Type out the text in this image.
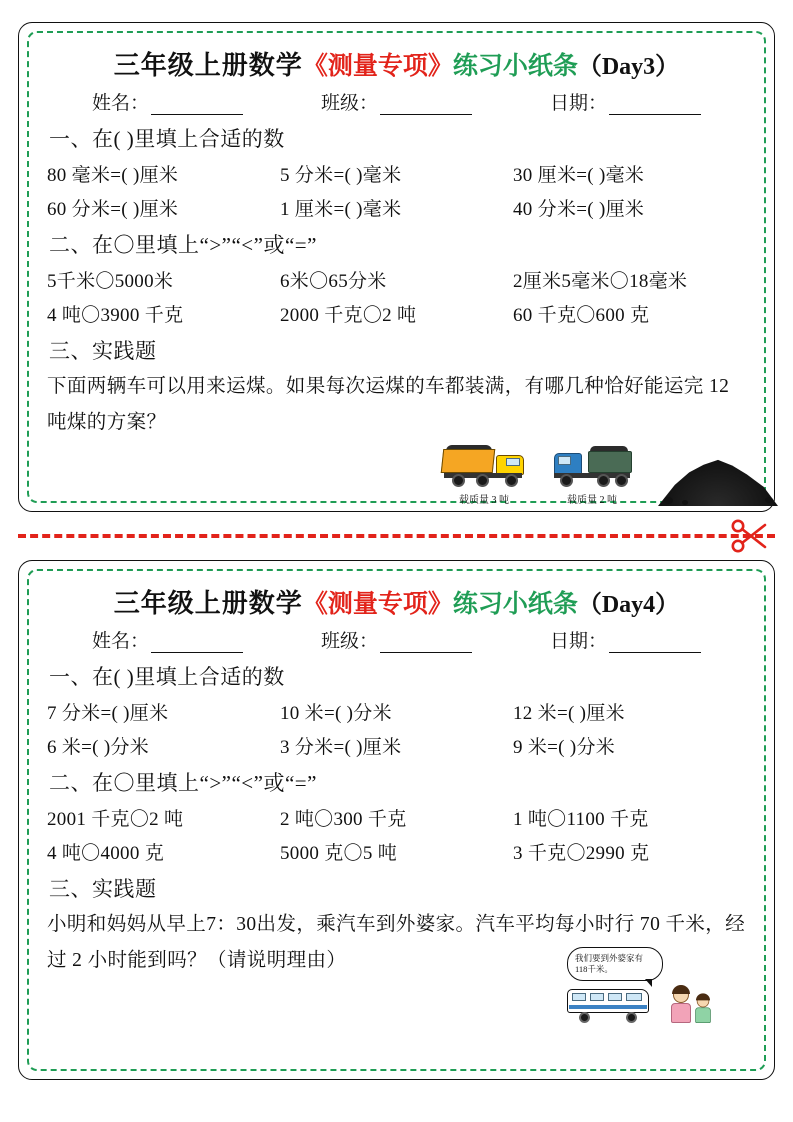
三年级上册数学 《测量专项》 练习小纸条 （Day3）
姓名：	班级：	日期：
一、在( )里填上合适的数
80 毫米=( )厘米	5 分米=( )毫米	30 厘米=( )毫米
60 分米=( )厘米	1 厘米=( )毫米	40 分米=( )厘米
二、在〇里填上“>”“<”或“=”
5千米〇5000米	6米〇65分米	2厘米5毫米〇18毫米
4 吨〇3900 千克	2000 千克〇2 吨	60 千克〇600 克
三、实践题
下面两辆车可以用来运煤。如果每次运煤的车都装满，有哪几种恰好能运完 12 吨煤的方案？
载质量 3 吨	载质量 2 吨
三年级上册数学 《测量专项》 练习小纸条 （Day4）
姓名：	班级：	日期：
一、在( )里填上合适的数
7 分米=( )厘米	10 米=( )分米	12 米=( )厘米
6 米=( )分米	3 分米=( )厘米	9 米=( )分米
二、在〇里填上“>”“<”或“=”
2001 千克〇2 吨	2 吨〇300 千克	1 吨〇1100 千克
4 吨〇4000 克	5000 克〇5 吨	3 千克〇2990 克
三、实践题
小明和妈妈从早上7：30出发，乘汽车到外婆家。汽车平均每小时行 70 千米，经过 2 小时能到吗？（请说明理由）	我们要到外婆家有118千米。
